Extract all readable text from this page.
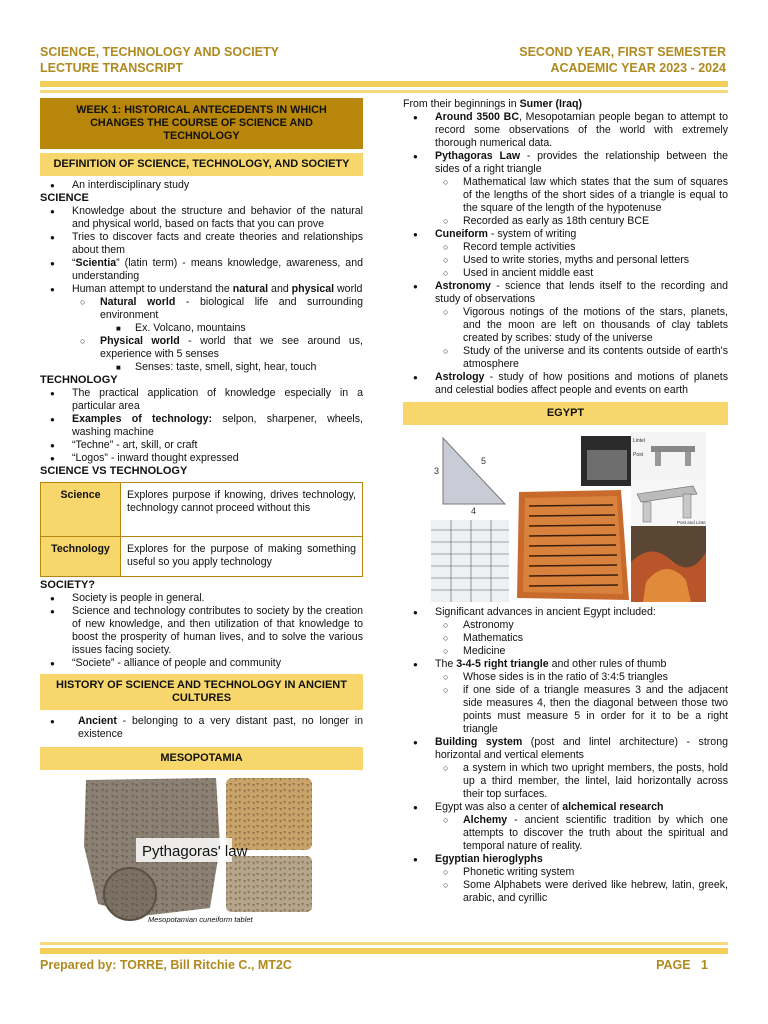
SCIENCE, TECHNOLOGY AND SOCIETY
LECTURE TRANSCRIPT
SECOND YEAR, FIRST SEMESTER
ACADEMIC YEAR 2023 - 2024
WEEK 1: HISTORICAL ANTECEDENTS IN WHICH CHANGES THE COURSE OF SCIENCE AND TECHNOLOGY
DEFINITION OF SCIENCE, TECHNOLOGY, AND SOCIETY
● An interdisciplinary study
SCIENCE
● Knowledge about the structure and behavior of the natural and physical world, based on facts that you can prove
● Tries to discover facts and create theories and relationships about them
● “Scientia” (latin term) - means knowledge, awareness, and understanding
● Human attempt to understand the natural and physical world
○ Natural world - biological life and surrounding environment
■ Ex. Volcano, mountains
○ Physical world - world that we see around us, experience with 5 senses
■ Senses: taste, smell, sight, hear, touch
TECHNOLOGY
● The practical application of knowledge especially in a particular area
● Examples of technology: selpon, sharpener, wheels, washing machine
● “Techne” - art, skill, or craft
● “Logos” - inward thought expressed
SCIENCE VS TECHNOLOGY
Science	Explores purpose if knowing, drives technology, technology cannot proceed without this
Technology	Explores for the purpose of making something useful so you apply technology
SOCIETY?
● Society is people in general.
● Science and technology contributes to society by the creation of new knowledge, and then utilization of that knowledge to boost the prosperity of human lives, and to solve the various issues facing society.
● “Societe” - alliance of people and community
HISTORY OF SCIENCE AND TECHNOLOGY IN ANCIENT CULTURES
● Ancient - belonging to a very distant past, no longer in existence
MESOPOTAMIA
Pythagoras' law
Mesopotamian cuneiform tablet
From their beginnings in Sumer (Iraq)
● Around 3500 BC, Mesopotamian people began to attempt to record some observations of the world with extremely thorough numerical data.
● Pythagoras Law - provides the relationship between the sides of a right triangle
○ Mathematical law which states that the sum of squares of the lengths of the short sides of a triangle is equal to the square of the length of the hypotenuse
○ Recorded as early as 18th century BCE
● Cuneiform - system of writing
○ Record temple activities
○ Used to write stories, myths and personal letters
○ Used in ancient middle east
● Astronomy - science that lends itself to the recording and study of observations
○ Vigorous notings of the motions of the stars, planets, and the moon are left on thousands of clay tablets created by scribes: study of the universe
○ Study of the universe and its contents outside of earth's atmosphere
● Astrology - study of how positions and motions of planets and celestial bodies affect people and events on earth
EGYPT
3
5
4
Lintel
Post
Post and Lintel
● Significant advances in ancient Egypt included:
○ Astronomy
○ Mathematics
○ Medicine
● The 3-4-5 right triangle and other rules of thumb
○ Whose sides is in the ratio of 3:4:5 triangles
○ if one side of a triangle measures 3 and the adjacent side measures 4, then the diagonal between those two points must measure 5 in order for it to be a right triangle
● Building system (post and lintel architecture) - strong horizontal and vertical elements
○ a system in which two upright members, the posts, hold up a third member, the lintel, laid horizontally across their top surfaces.
● Egypt was also a center of alchemical research
○ Alchemy - ancient scientific tradition by which one attempts to discover the truth about the spiritual and temporal nature of reality.
● Egyptian hieroglyphs
○ Phonetic writing system
○ Some Alphabets were derived like hebrew, latin, greek, arabic, and cyrillic
Prepared by: TORRE, Bill Ritchie C., MT2C	PAGE   1
